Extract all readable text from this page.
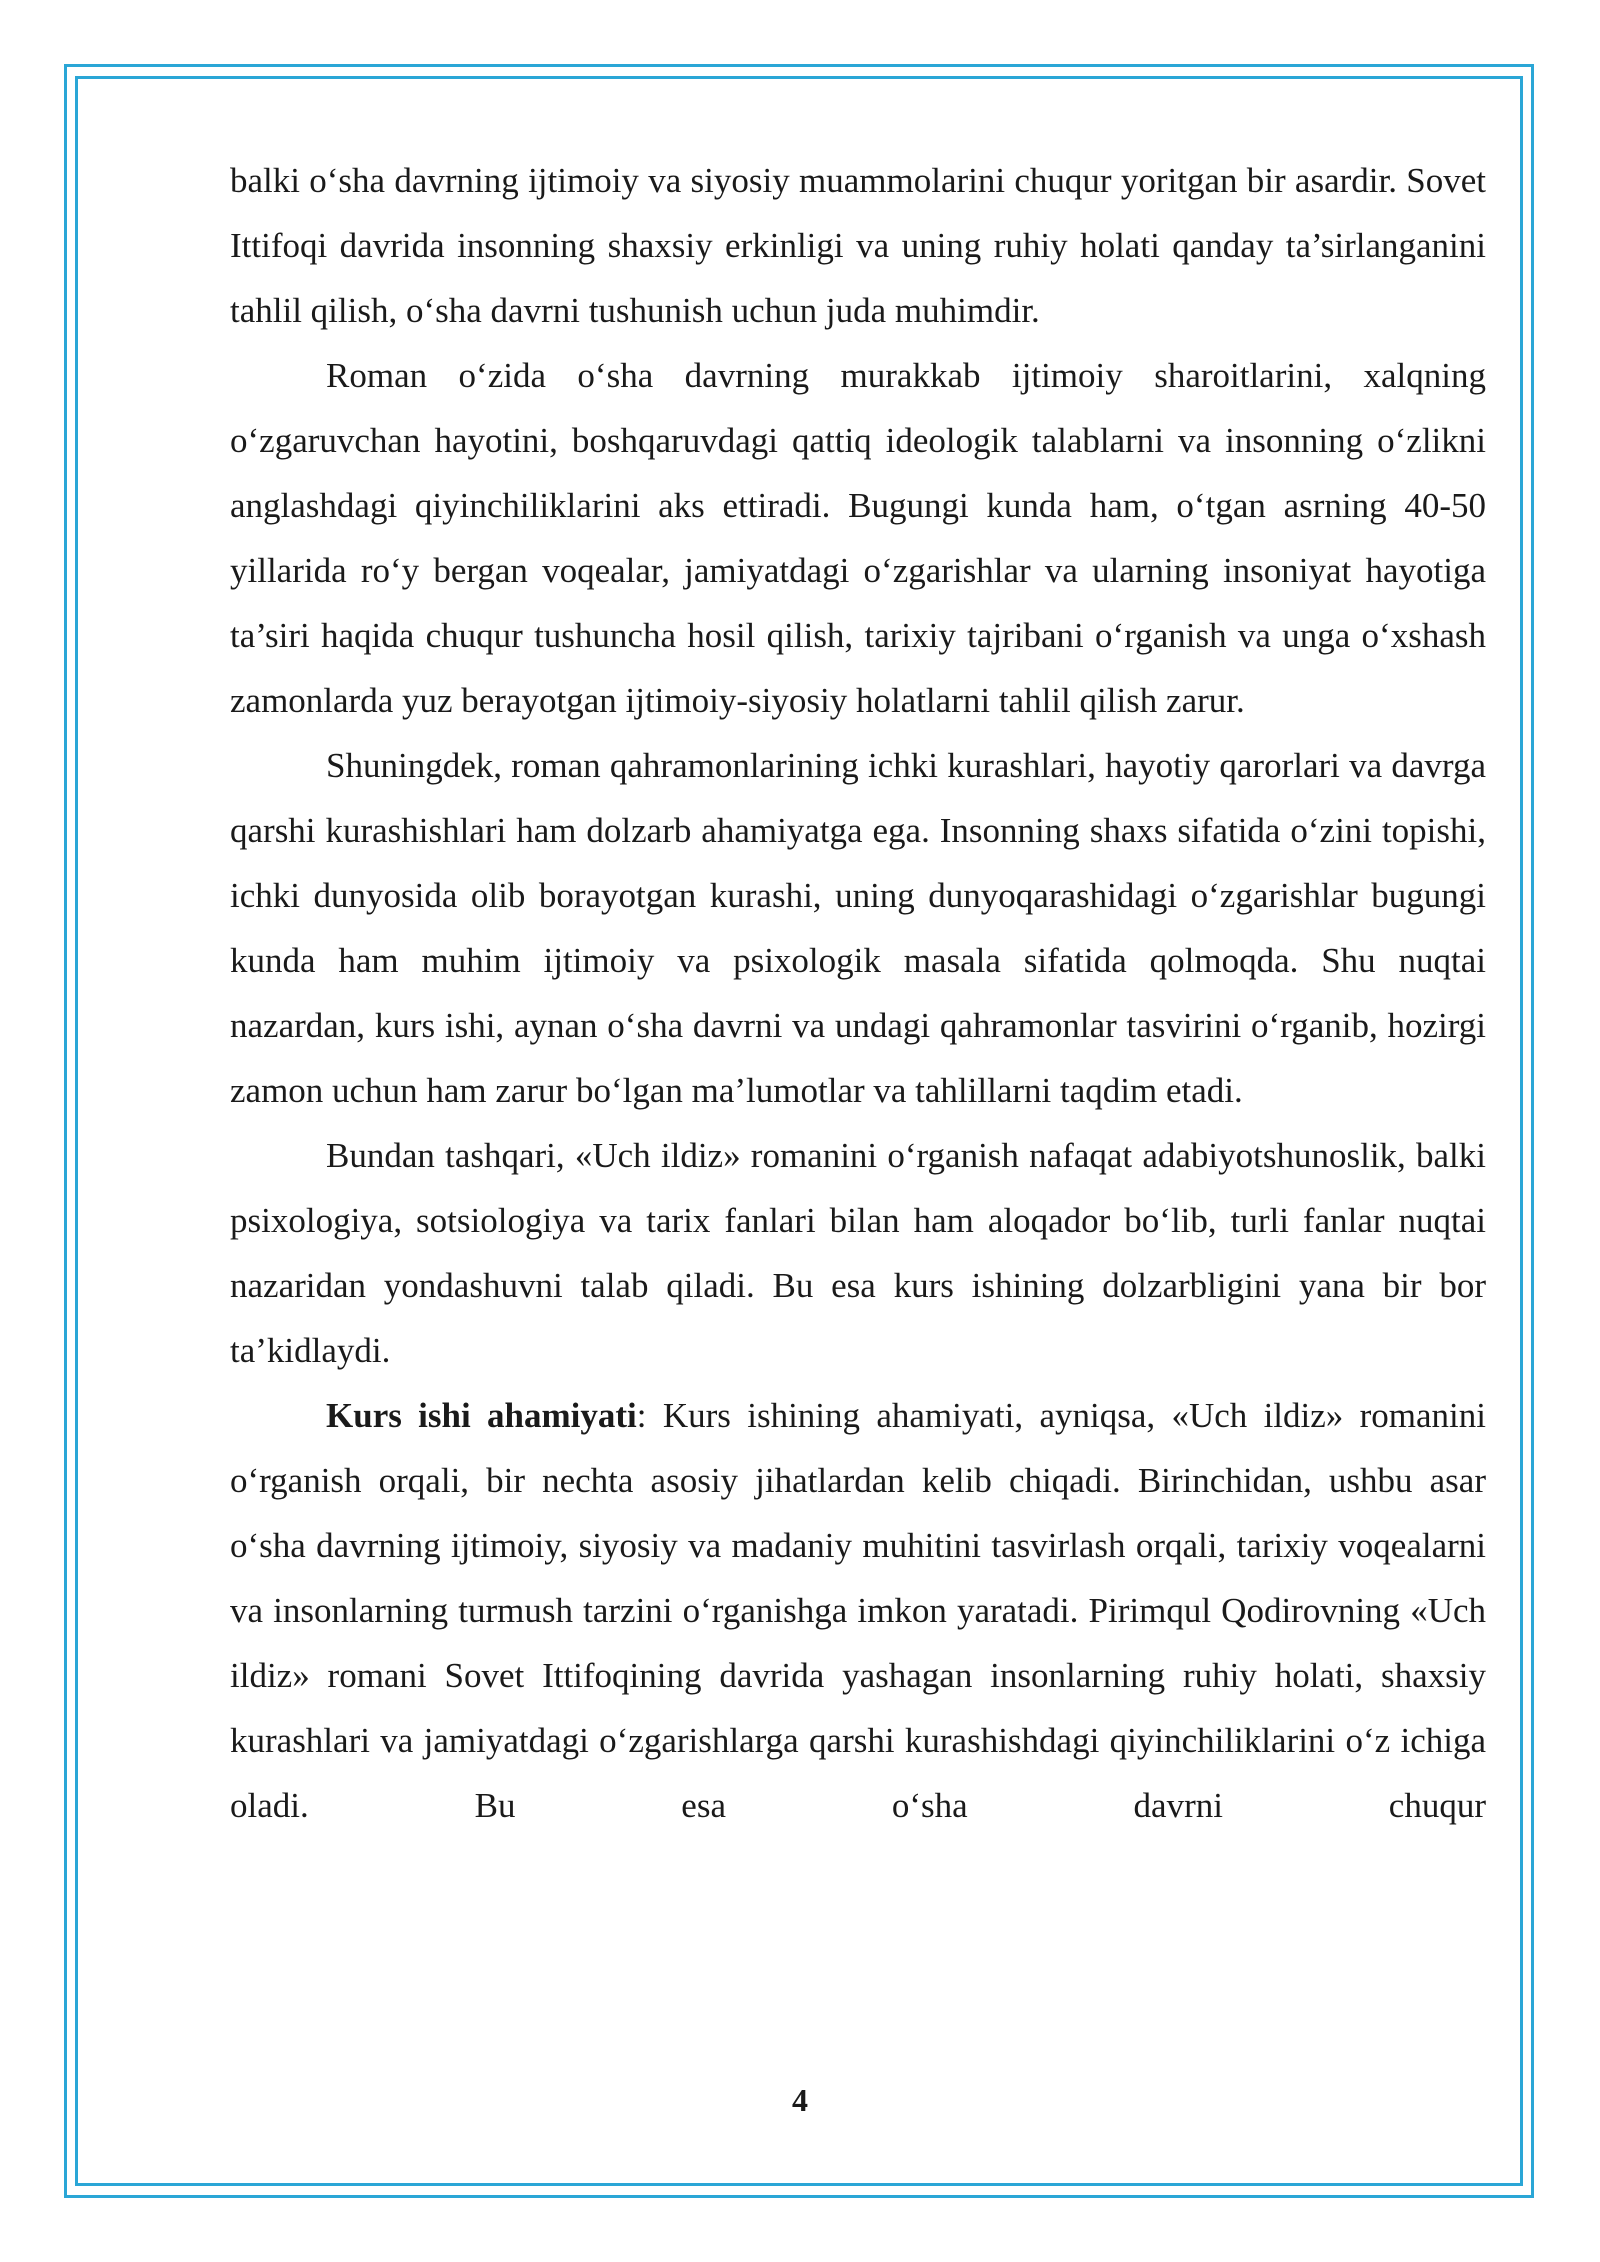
balki o‘sha davrning ijtimoiy va siyosiy muammolarini chuqur yoritgan bir asardir. Sovet Ittifoqi davrida insonning shaxsiy erkinligi va uning ruhiy holati qanday ta’sirlanganini tahlil qilish, o‘sha davrni tushunish uchun juda muhimdir.

Roman o‘zida o‘sha davrning murakkab ijtimoiy sharoitlarini, xalqning o‘zgaruvchan hayotini, boshqaruvdagi qattiq ideologik talablarni va insonning o‘zlikni anglashdagi qiyinchiliklarini aks ettiradi. Bugungi kunda ham, o‘tgan asrning 40-50 yillarida ro‘y bergan voqealar, jamiyatdagi o‘zgarishlar va ularning insoniyat hayotiga ta’siri haqida chuqur tushuncha hosil qilish, tarixiy tajribani o‘rganish va unga o‘xshash zamonlarda yuz berayotgan ijtimoiy-siyosiy holatlarni tahlil qilish zarur.

Shuningdek, roman qahramonlarining ichki kurashlari, hayotiy qarorlari va davrga qarshi kurashishlari ham dolzarb ahamiyatga ega. Insonning shaxs sifatida o‘zini topishi, ichki dunyosida olib borayotgan kurashi, uning dunyoqarashidagi o‘zgarishlar bugungi kunda ham muhim ijtimoiy va psixologik masala sifatida qolmoqda. Shu nuqtai nazardan, kurs ishi, aynan o‘sha davrni va undagi qahramonlar tasvirini o‘rganib, hozirgi zamon uchun ham zarur bo‘lgan ma’lumotlar va tahlillarni taqdim etadi.

Bundan tashqari, «Uch ildiz» romanini o‘rganish nafaqat adabiyotshunoslik, balki psixologiya, sotsiologiya va tarix fanlari bilan ham aloqador bo‘lib, turli fanlar nuqtai nazaridan yondashuvni talab qiladi. Bu esa kurs ishining dolzarbligini yana bir bor ta’kidlaydi.

Kurs ishi ahamiyati: Kurs ishining ahamiyati, ayniqsa, «Uch ildiz» romanini o‘rganish orqali, bir nechta asosiy jihatlardan kelib chiqadi. Birinchidan, ushbu asar o‘sha davrning ijtimoiy, siyosiy va madaniy muhitini tasvirlash orqali, tarixiy voqealarni va insonlarning turmush tarzini o‘rganishga imkon yaratadi. Pirimqul Qodirovning «Uch ildiz» romani Sovet Ittifoqining davrida yashagan insonlarning ruhiy holati, shaxsiy kurashlari va jamiyatdagi o‘zgarishlarga qarshi kurashishdagi qiyinchiliklarini o‘z ichiga oladi. Bu esa o‘sha davrni chuqur

4
